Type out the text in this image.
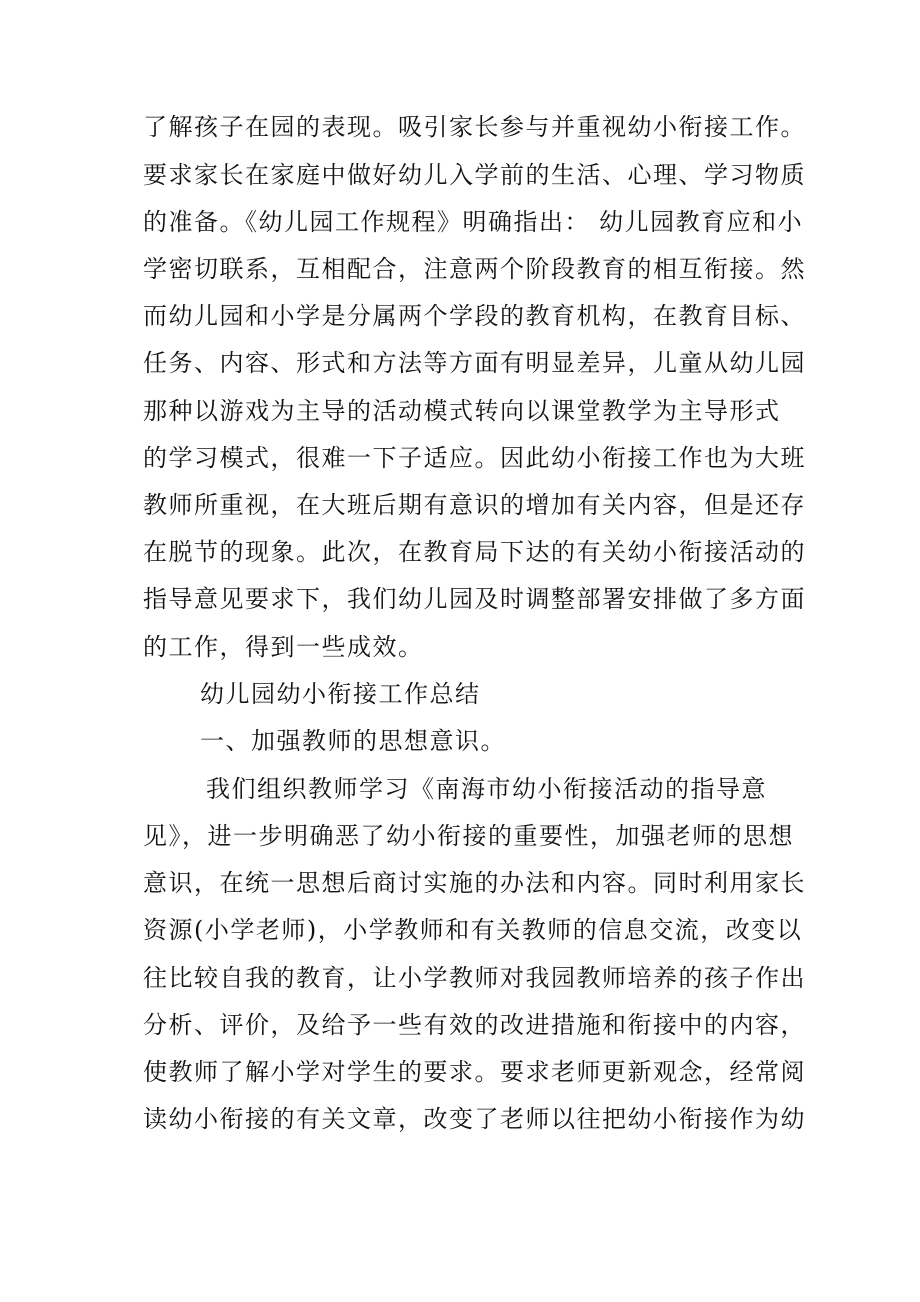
了解孩子在园的表现。吸引家长参与并重视幼小衔接工作。
要求家长在家庭中做好幼儿入学前的生活、心理、学习物质
的准备。《幼儿园工作规程》明确指出： 幼儿园教育应和小
学密切联系，互相配合，注意两个阶段教育的相互衔接。然
而幼儿园和小学是分属两个学段的教育机构，在教育目标、
任务、内容、形式和方法等方面有明显差异，儿童从幼儿园
那种以游戏为主导的活动模式转向以课堂教学为主导形式
的学习模式，很难一下子适应。因此幼小衔接工作也为大班
教师所重视，在大班后期有意识的增加有关内容，但是还存
在脱节的现象。此次，在教育局下达的有关幼小衔接活动的
指导意见要求下，我们幼儿园及时调整部署安排做了多方面
的工作，得到一些成效。
幼儿园幼小衔接工作总结
一、加强教师的思想意识。
我们组织教师学习《南海市幼小衔接活动的指导意
见》，进一步明确恶了幼小衔接的重要性，加强老师的思想
意识，在统一思想后商讨实施的办法和内容。同时利用家长
资源(小学老师)，小学教师和有关教师的信息交流，改变以
往比较自我的教育，让小学教师对我园教师培养的孩子作出
分析、评价，及给予一些有效的改进措施和衔接中的内容，
使教师了解小学对学生的要求。要求老师更新观念，经常阅
读幼小衔接的有关文章，改变了老师以往把幼小衔接作为幼
